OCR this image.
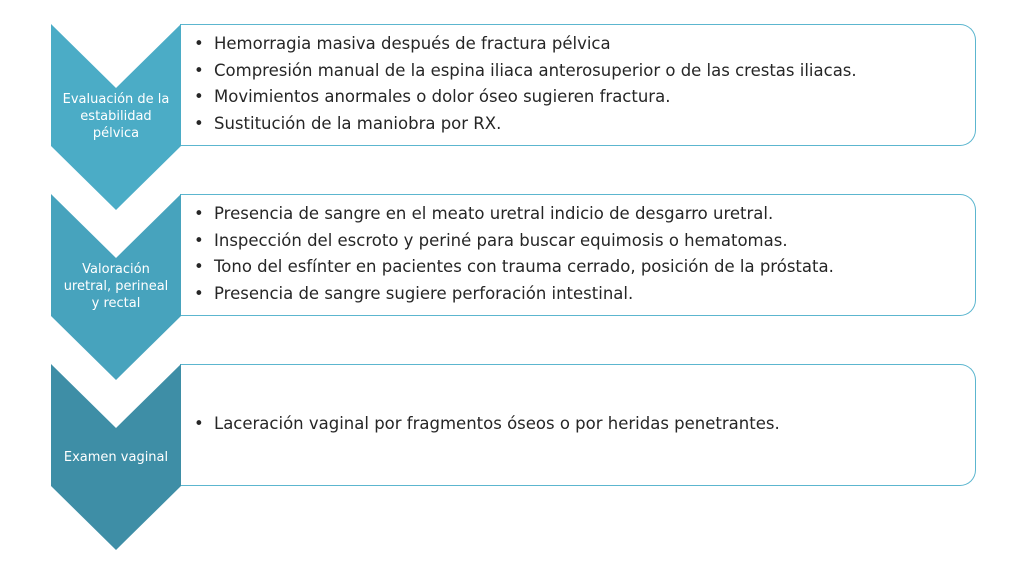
Evaluación de la
estabilidad
pélvica
Valoración
uretral, perineal
y rectal
Examen vaginal
• Hemorragia masiva después de fractura pélvica
• Compresión manual de la espina iliaca anterosuperior o de las crestas iliacas.
• Movimientos anormales o dolor óseo sugieren fractura.
• Sustitución de la maniobra por RX.
• Presencia de sangre en el meato uretral indicio de desgarro uretral.
• Inspección del escroto y periné para buscar equimosis o hematomas.
• Tono del esfínter en pacientes con trauma cerrado, posición de la próstata.
• Presencia de sangre sugiere perforación intestinal.
• Laceración vaginal por fragmentos óseos o por heridas penetrantes.
